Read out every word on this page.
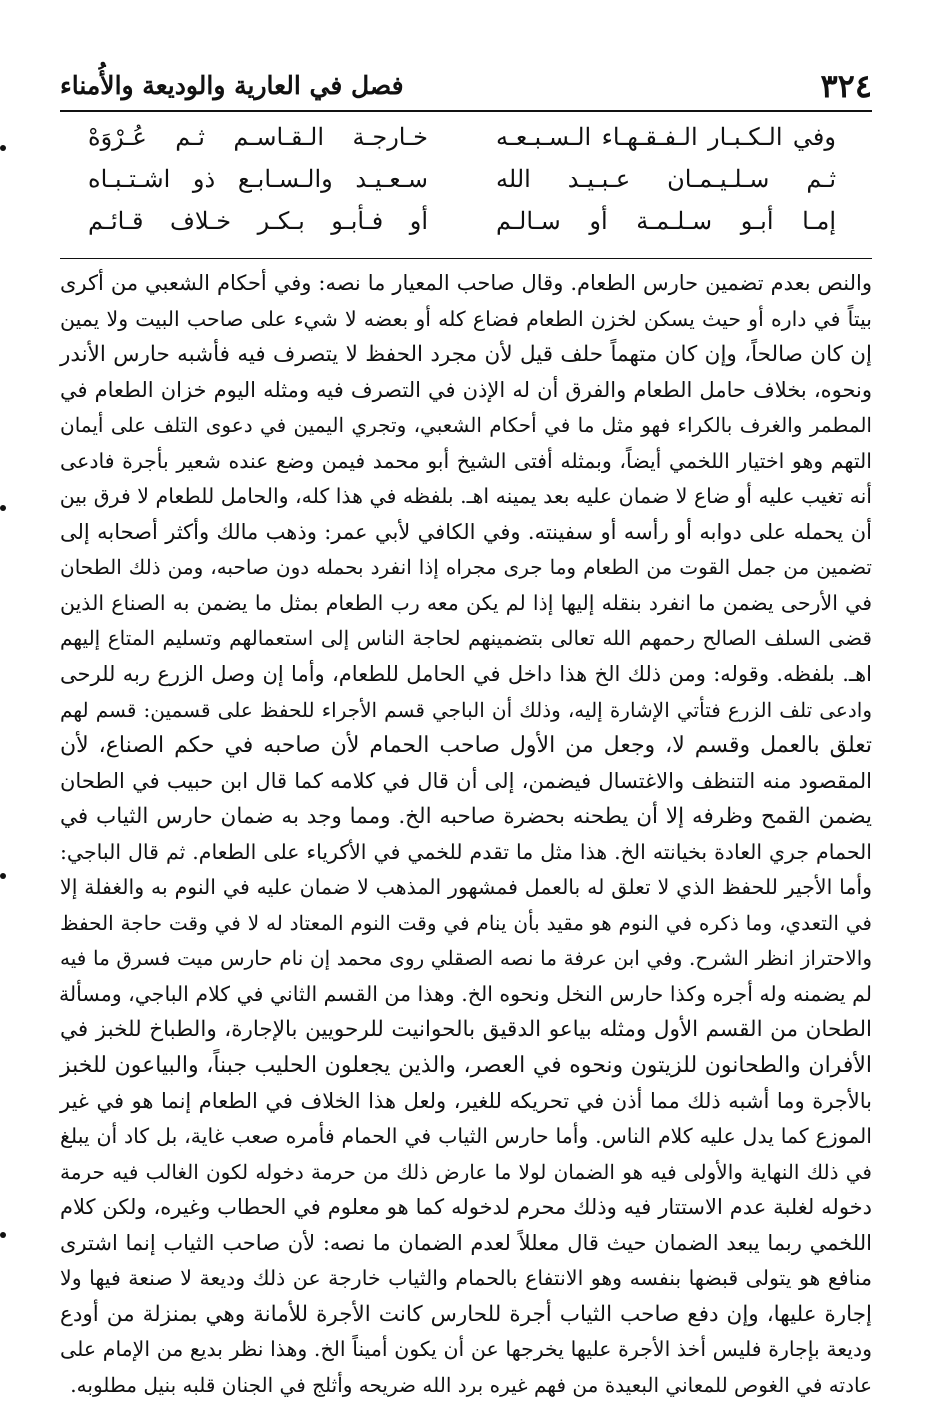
٣٢٤
فصل في العارية والوديعة والأُمناء
وفي الـكـبـار الـفـقـهـاء الـسـبـعـه
خـارجـة الـقـاسـم ثـم عُـرْوَهْ
ثـم سـلـيـمـان عـبـيـد الله
سـعـيـد والـسـابـع ذو اشـتـبـاه
إمـا أبـو سـلـمـة أو سـالـم
أو فـأبـو بـكـر خـلاف قـائـم
والنص بعدم تضمين حارس الطعام. وقال صاحب المعيار ما نصه: وفي أحكام الشعبي من أكرى
بيتاً في داره أو حيث يسكن لخزن الطعام فضاع كله أو بعضه لا شيء على صاحب البيت ولا يمين
إن كان صالحاً، وإن كان متهماً حلف قيل لأن مجرد الحفظ لا يتصرف فيه فأشبه حارس الأندر
ونحوه، بخلاف حامل الطعام والفرق أن له الإذن في التصرف فيه ومثله اليوم خزان الطعام في
المطمر والغرف بالكراء فهو مثل ما في أحكام الشعبي، وتجري اليمين في دعوى التلف على أيمان
التهم وهو اختيار اللخمي أيضاً، وبمثله أفتى الشيخ أبو محمد فيمن وضع عنده شعير بأجرة فادعى
أنه تغيب عليه أو ضاع لا ضمان عليه بعد يمينه اهـ. بلفظه في هذا كله، والحامل للطعام لا فرق بين
أن يحمله على دوابه أو رأسه أو سفينته. وفي الكافي لأبي عمر: وذهب مالك وأكثر أصحابه إلى
تضمين من جمل القوت من الطعام وما جرى مجراه إذا انفرد بحمله دون صاحبه، ومن ذلك الطحان
في الأرحى يضمن ما انفرد بنقله إليها إذا لم يكن معه رب الطعام بمثل ما يضمن به الصناع الذين
قضى السلف الصالح رحمهم الله تعالى بتضمينهم لحاجة الناس إلى استعمالهم وتسليم المتاع إليهم
اهـ. بلفظه. وقوله: ومن ذلك الخ هذا داخل في الحامل للطعام، وأما إن وصل الزرع ربه للرحى
وادعى تلف الزرع فتأتي الإشارة إليه، وذلك أن الباجي قسم الأجراء للحفظ على قسمين: قسم لهم
تعلق بالعمل وقسم لا، وجعل من الأول صاحب الحمام لأن صاحبه في حكم الصناع، لأن
المقصود منه التنظف والاغتسال فيضمن، إلى أن قال في كلامه كما قال ابن حبيب في الطحان
يضمن القمح وظرفه إلا أن يطحنه بحضرة صاحبه الخ. ومما وجد به ضمان حارس الثياب في
الحمام جري العادة بخيانته الخ. هذا مثل ما تقدم للخمي في الأكرياء على الطعام. ثم قال الباجي:
وأما الأجير للحفظ الذي لا تعلق له بالعمل فمشهور المذهب لا ضمان عليه في النوم به والغفلة إلا
في التعدي، وما ذكره في النوم هو مقيد بأن ينام في وقت النوم المعتاد له لا في وقت حاجة الحفظ
والاحتراز انظر الشرح. وفي ابن عرفة ما نصه الصقلي روى محمد إن نام حارس ميت فسرق ما فيه
لم يضمنه وله أجره وكذا حارس النخل ونحوه الخ. وهذا من القسم الثاني في كلام الباجي، ومسألة
الطحان من القسم الأول ومثله بياعو الدقيق بالحوانيت للرحويين بالإجارة، والطباخ للخبز في
الأفران والطحانون للزيتون ونحوه في العصر، والذين يجعلون الحليب جبناً، والبياعون للخبز
بالأجرة وما أشبه ذلك مما أذن في تحريكه للغير، ولعل هذا الخلاف في الطعام إنما هو في غير
الموزع كما يدل عليه كلام الناس. وأما حارس الثياب في الحمام فأمره صعب غاية، بل كاد أن يبلغ
في ذلك النهاية والأولى فيه هو الضمان لولا ما عارض ذلك من حرمة دخوله لكون الغالب فيه حرمة
دخوله لغلبة عدم الاستتار فيه وذلك محرم لدخوله كما هو معلوم في الحطاب وغيره، ولكن كلام
اللخمي ربما يبعد الضمان حيث قال معللاً لعدم الضمان ما نصه: لأن صاحب الثياب إنما اشترى
منافع هو يتولى قبضها بنفسه وهو الانتفاع بالحمام والثياب خارجة عن ذلك وديعة لا صنعة فيها ولا
إجارة عليها، وإن دفع صاحب الثياب أجرة للحارس كانت الأجرة للأمانة وهي بمنزلة من أودع
وديعة بإجارة فليس أخذ الأجرة عليها يخرجها عن أن يكون أميناً الخ. وهذا نظر بديع من الإمام على
عادته في الغوص للمعاني البعيدة من فهم غيره برد الله ضريحه وأثلج في الجنان قلبه بنيل مطلوبه.
